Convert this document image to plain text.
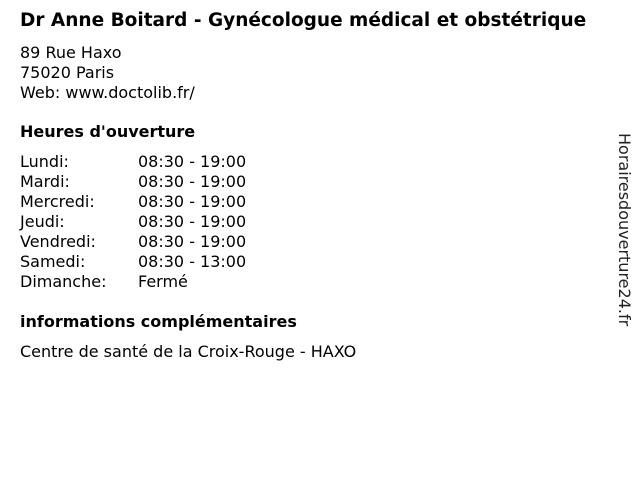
Dr Anne Boitard - Gynécologue médical et obstétrique
89 Rue Haxo
75020 Paris
Web: www.doctolib.fr/
Heures d'ouverture
Lundi:	08:30 - 19:00
Mardi:	08:30 - 19:00
Mercredi:	08:30 - 19:00
Jeudi:	08:30 - 19:00
Vendredi:	08:30 - 19:00
Samedi:	08:30 - 13:00
Dimanche:	Fermé
informations complémentaires
Centre de santé de la Croix-Rouge - HAXO
Horairesdouverture24.fr
